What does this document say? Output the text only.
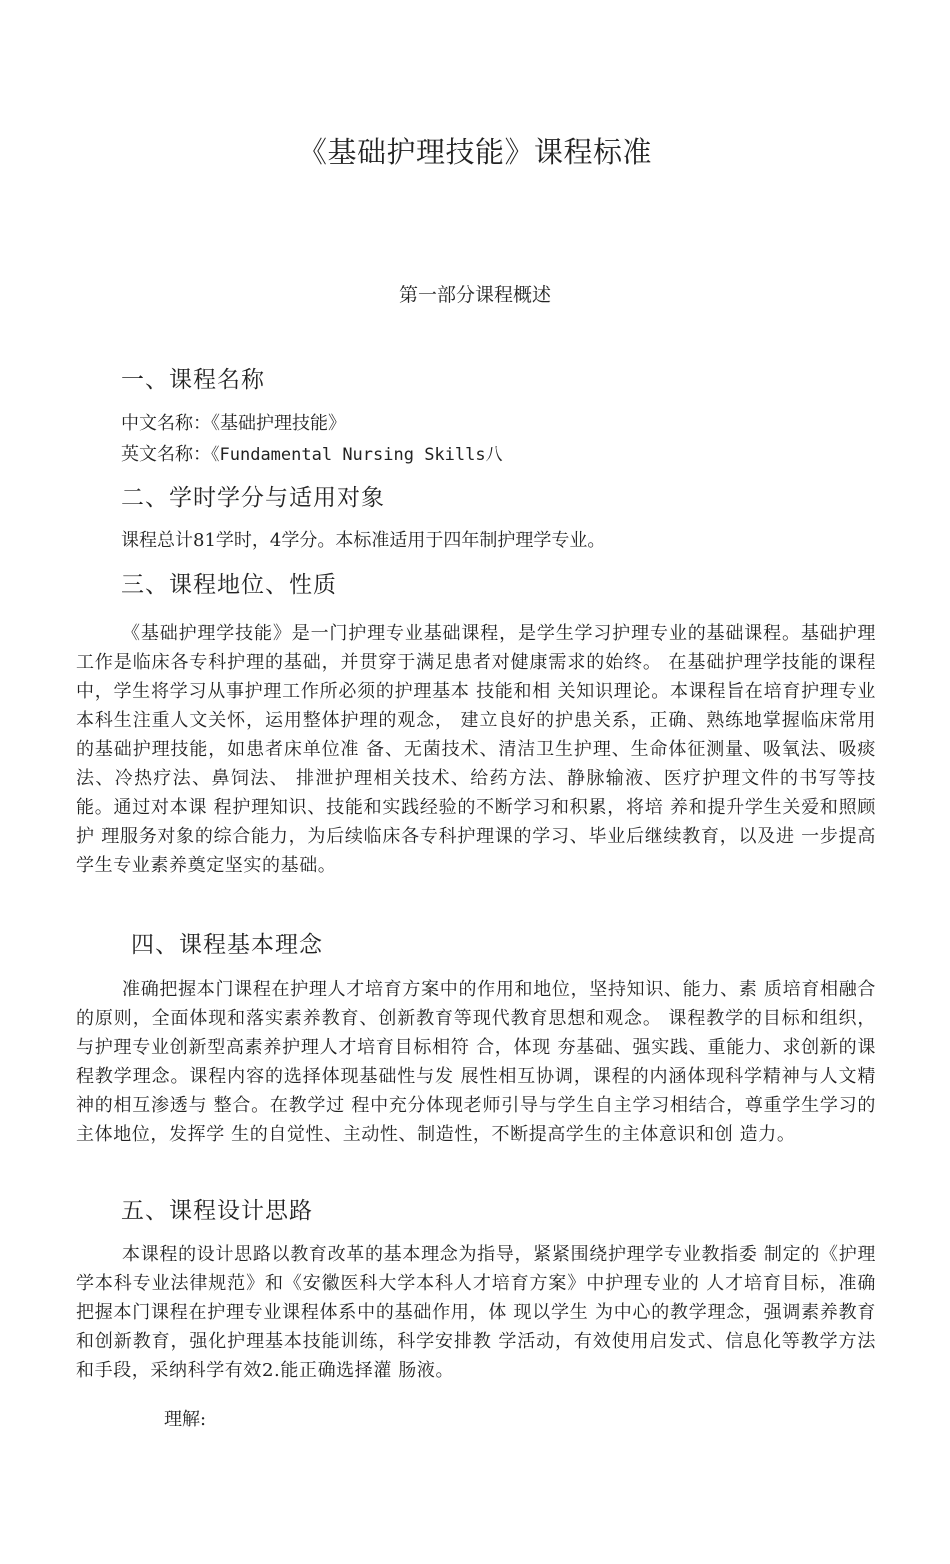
《基础护理技能》课程标准
第一部分课程概述
一、课程名称
中文名称：《基础护理技能》
英文名称：《Fundamental Nursing Skills八
二、学时学分与适用对象
课程总计81学时，4学分。本标准适用于四年制护理学专业。
三、课程地位、性质

《基础护理学技能》是一门护理专业基础课程，是学生学习护理专业的基础课程。基础护理工作是临床各专科护理的基础，并贯穿于满足患者对健康需求的始终。 在基础护理学技能的课程中，学生将学习从事护理工作所必须的护理基本 技能和相 关知识理论。本课程旨在培育护理专业本科生注重人文关怀，运用整体护理的观念， 建立良好的护患关系，正确、熟练地掌握临床常用的基础护理技能，如患者床单位准 备、无菌技术、清洁卫生护理、生命体征测量、吸氧法、吸痰法、冷热疗法、鼻饲法、 排泄护理相关技术、给药方法、静脉输液、医疗护理文件的书写等技能。通过对本课 程护理知识、技能和实践经验的不断学习和积累，将培 养和提升学生关爱和照顾护 理服务对象的综合能力，为后续临床各专科护理课的学习、毕业后继续教育，以及进 一步提高学生专业素养奠定坚实的基础。

四、课程基本理念

准确把握本门课程在护理人才培育方案中的作用和地位，坚持知识、能力、素 质培育相融合的原则，全面体现和落实素养教育、创新教育等现代教育思想和观念。 课程教学的目标和组织，与护理专业创新型高素养护理人才培育目标相符 合，体现 夯基础、强实践、重能力、求创新的课程教学理念。课程内容的选择体现基础性与发 展性相互协调，课程的内涵体现科学精神与人文精神的相互渗透与 整合。在教学过 程中充分体现老师引导与学生自主学习相结合，尊重学生学习的 主体地位，发挥学 生的自觉性、主动性、制造性，不断提高学生的主体意识和创 造力。

五、课程设计思路

本课程的设计思路以教育改革的基本理念为指导，紧紧围绕护理学专业教指委 制定的《护理学本科专业法律规范》和《安徽医科大学本科人才培育方案》中护理专业的 人才培育目标，准确把握本门课程在护理专业课程体系中的基础作用，体 现以学生 为中心的教学理念，强调素养教育和创新教育，强化护理基本技能训练，科学安排教 学活动，有效使用启发式、信息化等教学方法和手段，采纳科学有效2.能正确选择灌 肠液。

理解:
